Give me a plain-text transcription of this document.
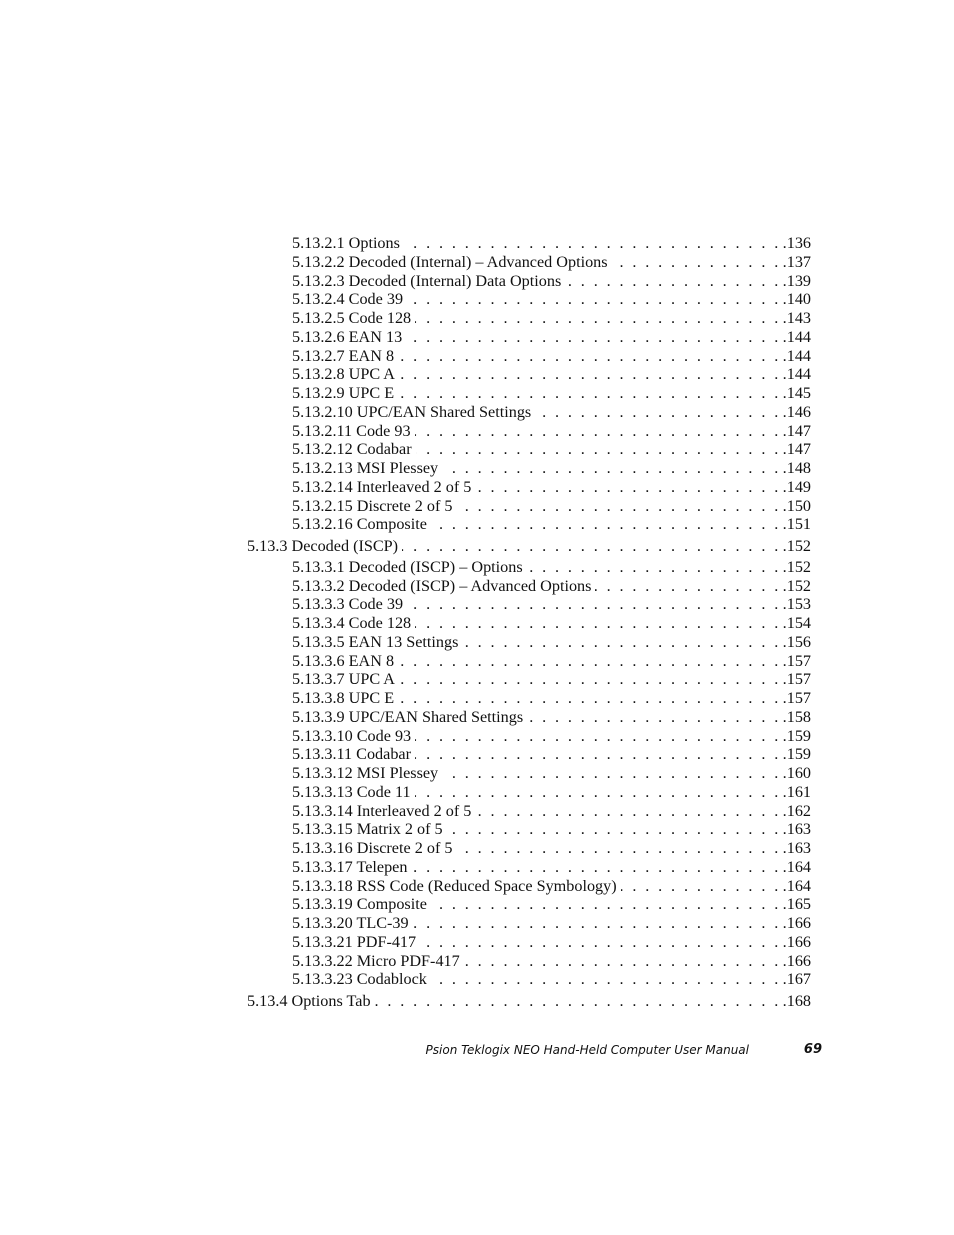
5.13.2.1 Options . . .	.136
5.13.2.2 Decoded (Internal) – Advanced Options . . .	.137
5.13.2.3 Decoded (Internal) Data Options . . .	.139
5.13.2.4 Code 39 . . .	.140
5.13.2.5 Code 128 . . .	.143
5.13.2.6 EAN 13 . . .	.144
5.13.2.7 EAN 8 . . .	.144
5.13.2.8 UPC A . . .	.144
5.13.2.9 UPC E . . .	.145
5.13.2.10 UPC/EAN Shared Settings . . .	.146
5.13.2.11 Code 93 . . .	.147
5.13.2.12 Codabar . . .	.147
5.13.2.13 MSI Plessey . . .	.148
5.13.2.14 Interleaved 2 of 5 . . .	.149
5.13.2.15 Discrete 2 of 5 . . .	.150
5.13.2.16 Composite . . .	.151
5.13.3 Decoded (ISCP) . . .	.152
5.13.3.1 Decoded (ISCP) – Options . . .	.152
5.13.3.2 Decoded (ISCP) – Advanced Options . . .	.152
5.13.3.3 Code 39 . . .	.153
5.13.3.4 Code 128 . . .	.154
5.13.3.5 EAN 13 Settings . . .	.156
5.13.3.6 EAN 8 . . .	.157
5.13.3.7 UPC A . . .	.157
5.13.3.8 UPC E . . .	.157
5.13.3.9 UPC/EAN Shared Settings . . .	.158
5.13.3.10 Code 93 . . .	.159
5.13.3.11 Codabar . . .	.159
5.13.3.12 MSI Plessey . . .	.160
5.13.3.13 Code 11 . . .	.161
5.13.3.14 Interleaved 2 of 5 . . .	.162
5.13.3.15 Matrix 2 of 5 . . .	.163
5.13.3.16 Discrete 2 of 5 . . .	.163
5.13.3.17 Telepen . . .	.164
5.13.3.18 RSS Code (Reduced Space Symbology) . . .	.164
5.13.3.19 Composite . . .	.165
5.13.3.20 TLC-39 . . .	.166
5.13.3.21 PDF-417 . . .	.166
5.13.3.22 Micro PDF-417 . . .	.166
5.13.3.23 Codablock . . .	.167
5.13.4 Options Tab . . .	.168
Psion Teklogix NEO Hand-Held Computer User Manual	69
